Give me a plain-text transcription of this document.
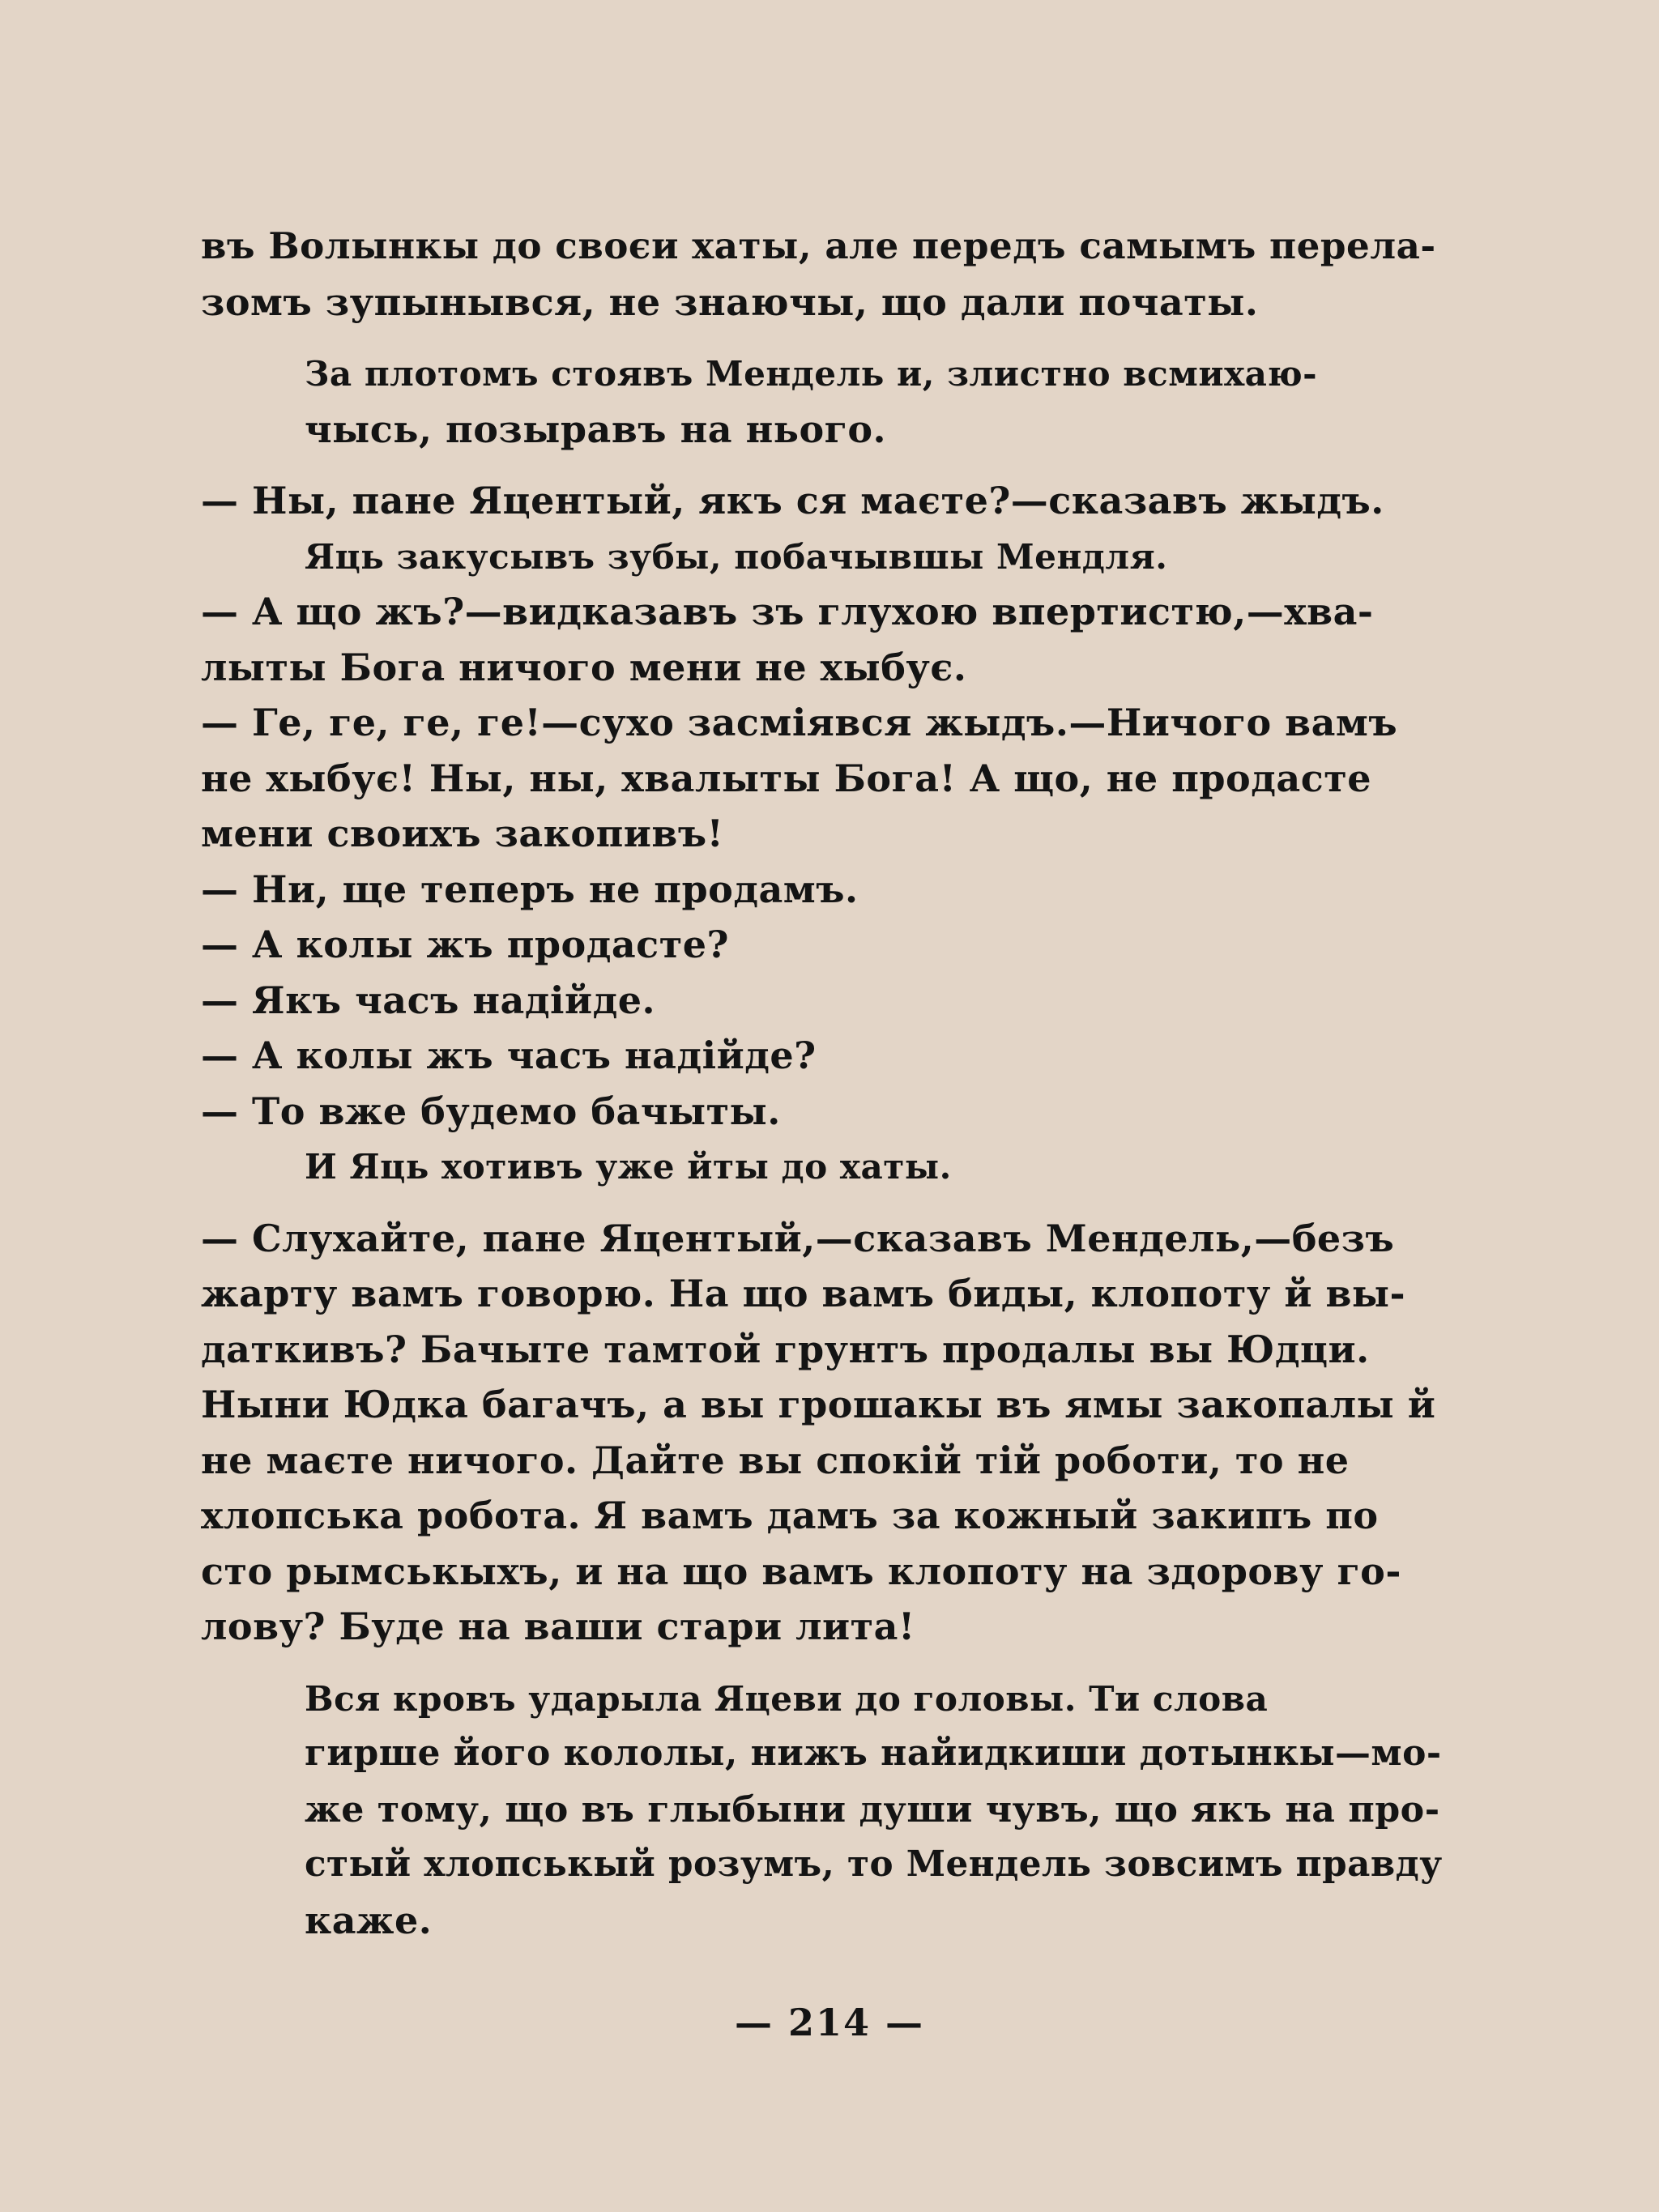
въ Волынкы до своєи хаты, але передъ самымъ перела-
зомъ зупынывся, не знаючы, що дали почaты.

За плотомъ стоявъ Мендель и, злистно всмихаю-
чысь, позыравъ на нього.

— Ны, пане Яцентый, якъ ся маєте?—сказавъ жыдъ.

Яць закусывъ зубы, побачывшы Мендля.

— А що жъ?—видказавъ зъ глухою впертистю,—хва-
лыты Бога ничого мени не хыбує.

— Ге, ге, ге, ге!—сухо засміявся жыдъ.—Ничого вамъ
не хыбує! Ны, ны, хвалыты Бога! А що, не продасте
мени своихъ закопивъ!

— Ни, ще теперъ не продамъ.

— А колы жъ продасте?

— Якъ часъ надійде.

— А колы жъ часъ надійде?

— То вже будемо бачыты.

И Яць хотивъ уже йты до хаты.

— Слухайте, пане Яцентый,—сказавъ Мендель,—безъ
жарту вамъ говорю. На що вамъ биды, клопоту й вы-
даткивъ? Бачыте тамтой грунтъ продалы вы Юдци.
Ныни Юдка багачъ, а вы грошакы въ ямы закопалы й
не маєте ничого. Дайте вы спокій тій роботи, то не
хлопська робота. Я вамъ дамъ за кожный закипъ по
сто рымськыхъ, и на що вамъ клопоту на здорову го-
лову? Буде на ваши стари лита!

Вся кровъ ударыла Яцеви до головы. Ти слова
гирше його кололы, нижъ найидкиши дотынкы—мо-
же тому, що въ глыбыни души чувъ, що якъ на про-
стый хлопськый розумъ, то Мендель зовсимъ правду
каже.

— 214 —
